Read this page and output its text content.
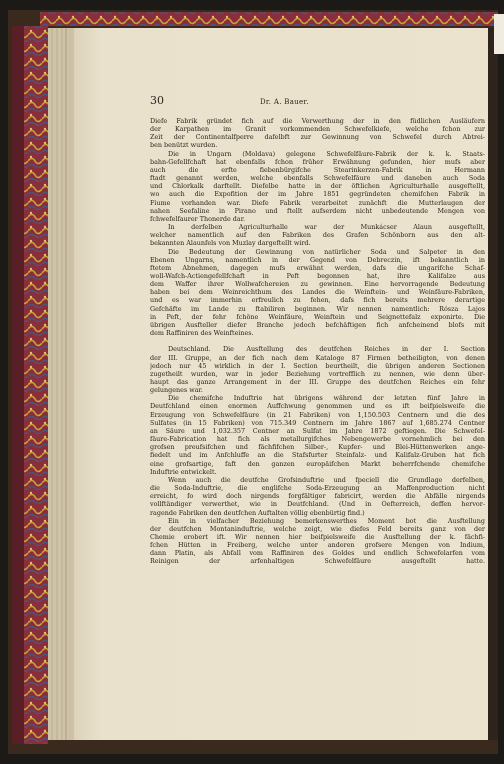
30	Dr. A. Bauer.
Diefe Fabrik gründet fich auf die Verwerthung der in den füdlichen Ausläufern
der Karpathen im Granit vorkommenden Schwefelkiefe, welche fchon zur
Zeit der Continentalfperre dafelbft zur Gewinnung von Schwefel durch Abtrei-
ben benützt wurden.
Die in Ungarn (Moldava) gelegene Schwefelfäure-Fabrik der k. k. Staats-
bahn-Gefellfchaft hat ebenfalls fchon früher Erwähnung gefunden, hier mufs aber
auch die erfte fiebenbürgifche Stearinkerzen-Fabrik in Hermann
ftadt genannt werden, welche ebenfalls Schwefelfäure und daneben auch Soda
und Chlorkalk darftellt. Diefelbe hatte in der öftlichen Agriculturhalle ausgeftellt,
wo auch die Expofition der im Jahre 1851 gegründeten chemifchen Fabrik in
Fiume vorhanden war. Diefe Fabrik verarbeitet zunächft die Mutterlaugen der
nahen Seefaline in Pirano und ftellt aufserdem nicht unbedeutende Mengen von
fchwefelfaurer Thonerde dar.
In derfelben Agriculturhalle war der Munkácser Alaun ausgeftellt,
welcher namentlich auf den Fabriken des Grafen Schönborn aus den alt-
bekannten Alaunfels von Muzlay dargeftellt wird.
Die Bedeutung der Gewinnung von natürlicher Soda und Salpeter in den
Ebenen Ungarns, namentlich in der Gegend von Debreczin, ift bekanntlich in
ftetem Abnehmen, dagegen mufs erwähnt werden, dafs die ungarifche Schaf-
woll-Wafch-Actiengefellfchaft in Peft begonnen hat, ihre Kalifalze aus
dem Waffer ihrer Wollwafchereien zu gewinnen. Eine hervorragende Bedeutung
haben bei dem Weinreichthum des Landes die Weinftein- und Weinfäure-Fabriken,
und es war immerhin erfreulich zu fehen, dafs fich bereits mehrere derartige
Gefchäfte im Lande zu ftabiliren beginnen. Wir nennen namentlich: Rósza Lajos
in Peft, der fehr fchöne Weinfäure, Weinftein und Seignettefalz exponirte. Die
übrigen Ausfteller diefer Branche jedoch befchäftigen fich anfcheinend blofs mit
dem Raffiniren des Weinfteines.
Deutschland. Die Ausftellung des deutfchen Reiches in der I. Section
der III. Gruppe, an der fich nach dem Kataloge 87 Firmen betheiligten, von denen
jedoch nur 45 wirklich in der I. Section beurtheilt, die übrigen anderen Sectionen
zugetheilt wurden, war in jeder Beziehung vortrefflich zu nennen, wie denn über-
haupt das ganze Arrangement in der III. Gruppe des deutfchen Reiches ein fehr
gelungenes war.
Die chemifche Induftrie hat übrigens während der letzten fünf Jahre in
Deutfchland einen enormen Auffchwung genommen und es ift beifpielsweife die
Erzeugung von Schwefelfäure (in 21 Fabriken) von 1,150.503 Centnern und die des
Sulfates (in 15 Fabriken) von 715.349 Centnern im Jahre 1867 auf 1,685.274 Centner
an Säure und 1,032.357 Centner an Sulfat im Jahre 1872 geftiegen. Die Schwefel-
fäure-Fabrication hat fich als metallurgifches Nebengewerbe vornehmlich bei den
grofsen preufsifchen und fächfifchen Silber-, Kupfer- und Blei-Hüttenwerken ange-
fiedelt und im Anfchluffe an die Stafsfurter Steinfalz- und Kalifalz-Gruben hat fich
eine grofsartige, faft den ganzen europäifchen Markt beherrfchende chemifche
Induftrie entwickelt.
Wenn auch die deutfche Grofsinduftrie und fpeciell die Grundlage derfelben,
die Soda-Induftrie, die englifche Soda-Erzeugung an Maffenproduction nicht
erreicht, fo wird doch nirgends forgfältiger fabricirt, werden die Abfälle nirgends
vollftändiger verwerthet, wie in Deutfchland. (Und in Oefterreich, deffen hervor-
ragende Fabriken den deutfchen Auftalten völlig ebenbürtig find.)
Ein in vielfacher Beziehung bemerkenswerthes Moment bot die Ausftellung
der deutfchen Montaninduftrie, welche zeigt, wie diefes Feld bereits ganz von der
Chemie erobert ift. Wir nennen hier beifpielsweife die Ausftellung der k. fächfi-
fchen Hütten in Freiberg, welche unter anderen grofsere Mengen von Indium,
dann Platin, als Abfall vom Raffiniren des Goldes und endlich Schwefelarfen vom
Reinigen der arfenhaltigen Schwefelfäure ausgeftellt hatte.
